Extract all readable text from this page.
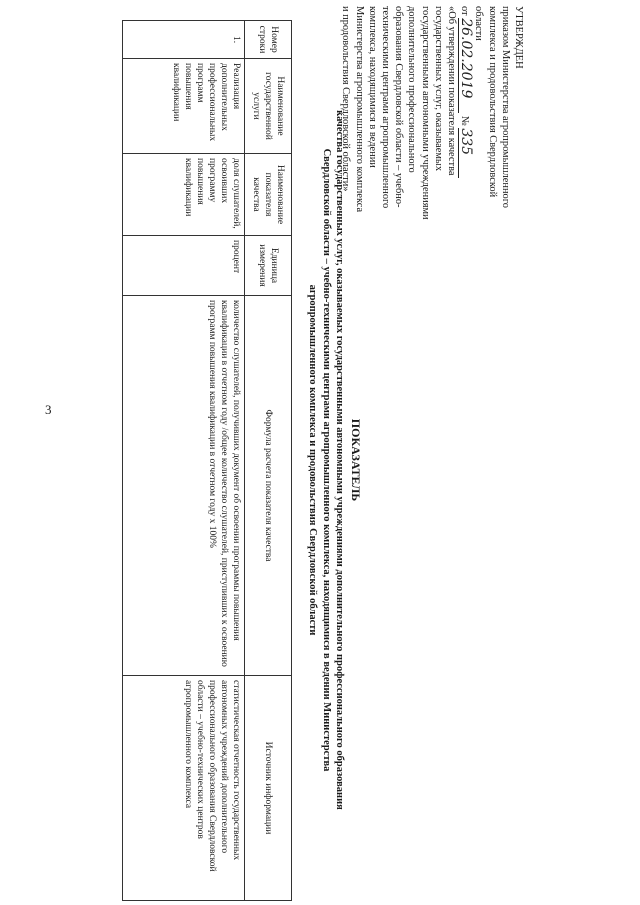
3
УТВЕРЖДЕН
приказом Министерства агропромышленного
комплекса и продовольствия Свердловской
области
от 26.02.2019 № 335
«Об утверждении показателя качества
государственных услуг, оказываемых
государственными автономными учреждениями
дополнительного профессионального
образования Свердловской области – учебно-
техническими центрами агропромышленного
комплекса, находящимися в ведении
Министерства агропромышленного комплекса
и продовольствия Свердловской области»
ПОКАЗАТЕЛЬ
качества государственных услуг, оказываемых государственными автономными учреждениями дополнительного профессионального образования
Свердловской области – учебно-техническими центрами агропромышленного комплекса, находящимися в ведении Министерства
агропромышленного комплекса и продовольствия Свердловской области
Номер строки	Наименование государственной услуги	Наименование показателя качества	Единица измерения	Формула расчета показателя качества	Источник информации
1.	Реализация дополнительных профессиональных программ повышения квалификации	доля слушателей, освоивших программу повышения квалификации	процент	количество слушателей, получивших документ об освоении программы повышения квалификации в отчетном году /общее количество слушателей, приступивших к освоению программ повышения квалификации в отчетном году х 100%	статистическая отчетность государственных автономных учреждений дополнительного профессионального образования Свердловской области – учебно-технических центров агропромышленного комплекса
